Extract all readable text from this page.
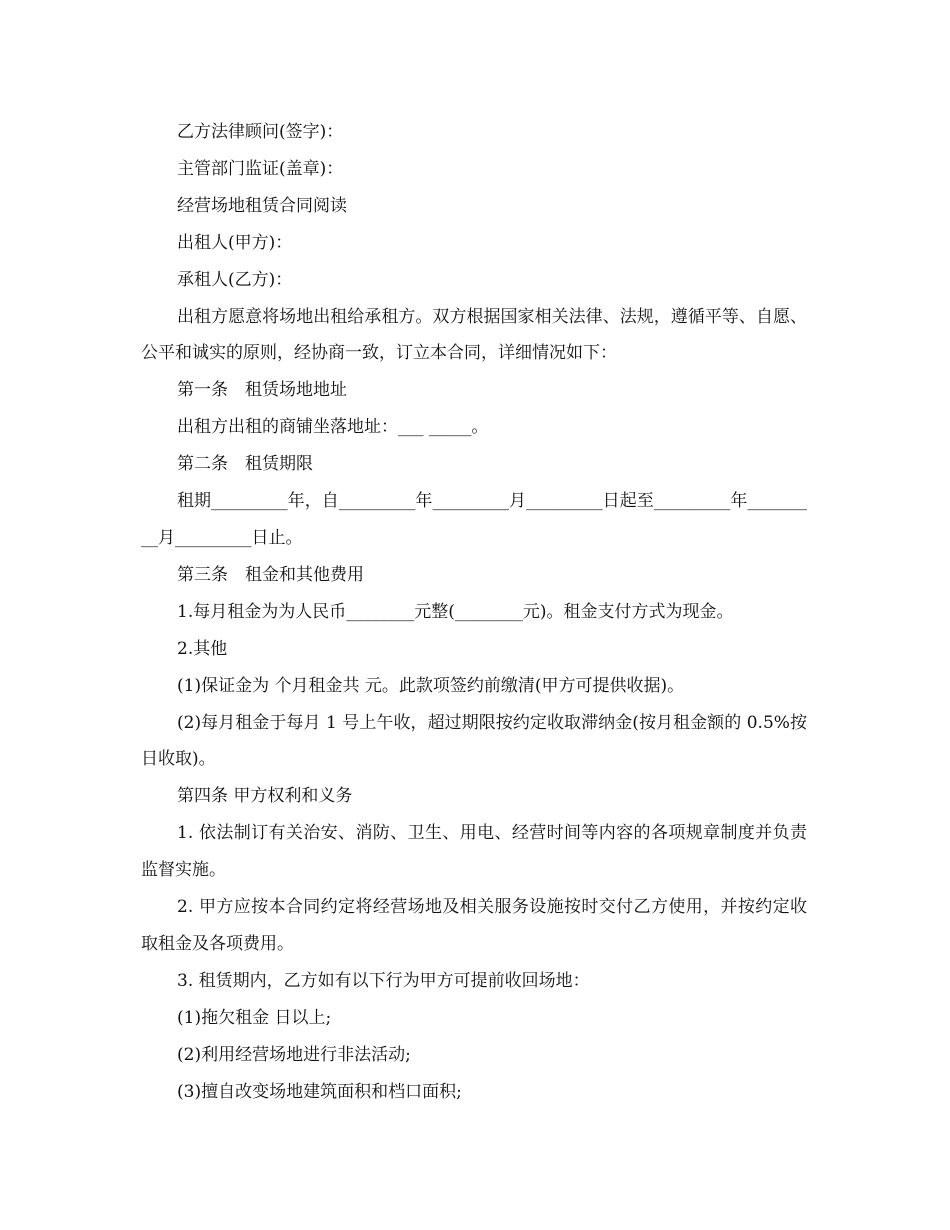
乙方法律顾问(签字)：

主管部门监证(盖章)：

经营场地租赁合同阅读

出租人(甲方)：

承租人(乙方)：

出租方愿意将场地出租给承租方。双方根据国家相关法律、法规，遵循平等、自愿、公平和诚实的原则，经协商一致，订立本合同，详细情况如下：

第一条　租赁场地地址

出租方出租的商铺坐落地址：___ _____。

第二条　租赁期限

租期_________年，自_________年_________月_________日起至_________年_________月_________日止。

第三条　租金和其他费用

1.每月租金为为人民币________元整(________元)。租金支付方式为现金。

2.其他

(1)保证金为 个月租金共 元。此款项签约前缴清(甲方可提供收据)。

(2)每月租金于每月 1 号上午收，超过期限按约定收取滞纳金(按月租金额的 0.5%按日收取)。

第四条 甲方权利和义务

1. 依法制订有关治安、消防、卫生、用电、经营时间等内容的各项规章制度并负责监督实施。

2. 甲方应按本合同约定将经营场地及相关服务设施按时交付乙方使用，并按约定收取租金及各项费用。

3. 租赁期内，乙方如有以下行为甲方可提前收回场地：

(1)拖欠租金 日以上;

(2)利用经营场地进行非法活动;

(3)擅自改变场地建筑面积和档口面积;
